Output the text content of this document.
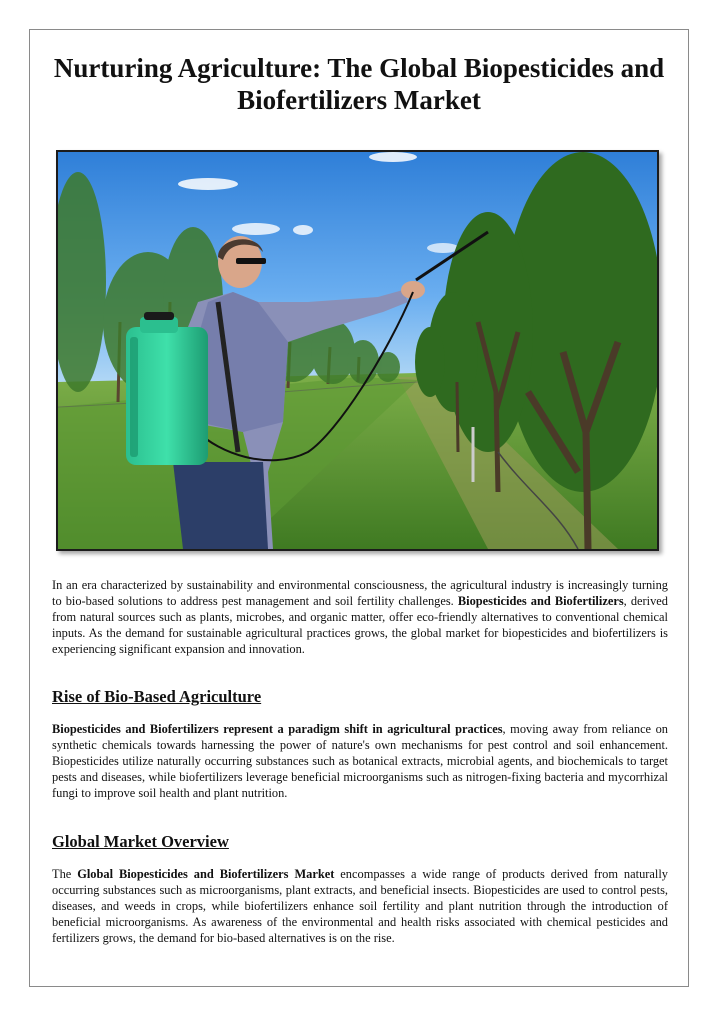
Nurturing Agriculture: The Global Biopesticides and Biofertilizers Market

In an era characterized by sustainability and environmental consciousness, the agricultural industry is increasingly turning to bio-based solutions to address pest management and soil fertility challenges. Biopesticides and Biofertilizers, derived from natural sources such as plants, microbes, and organic matter, offer eco-friendly alternatives to conventional chemical inputs. As the demand for sustainable agricultural practices grows, the global market for biopesticides and biofertilizers is experiencing significant expansion and innovation.

Rise of Bio-Based Agriculture

Biopesticides and Biofertilizers represent a paradigm shift in agricultural practices, moving away from reliance on synthetic chemicals towards harnessing the power of nature's own mechanisms for pest control and soil enhancement. Biopesticides utilize naturally occurring substances such as botanical extracts, microbial agents, and biochemicals to target pests and diseases, while biofertilizers leverage beneficial microorganisms such as nitrogen-fixing bacteria and mycorrhizal fungi to improve soil health and plant nutrition.

Global Market Overview

The Global Biopesticides and Biofertilizers Market encompasses a wide range of products derived from naturally occurring substances such as microorganisms, plant extracts, and beneficial insects. Biopesticides are used to control pests, diseases, and weeds in crops, while biofertilizers enhance soil fertility and plant nutrition through the introduction of beneficial microorganisms. As awareness of the environmental and health risks associated with chemical pesticides and fertilizers grows, the demand for bio-based alternatives is on the rise.
